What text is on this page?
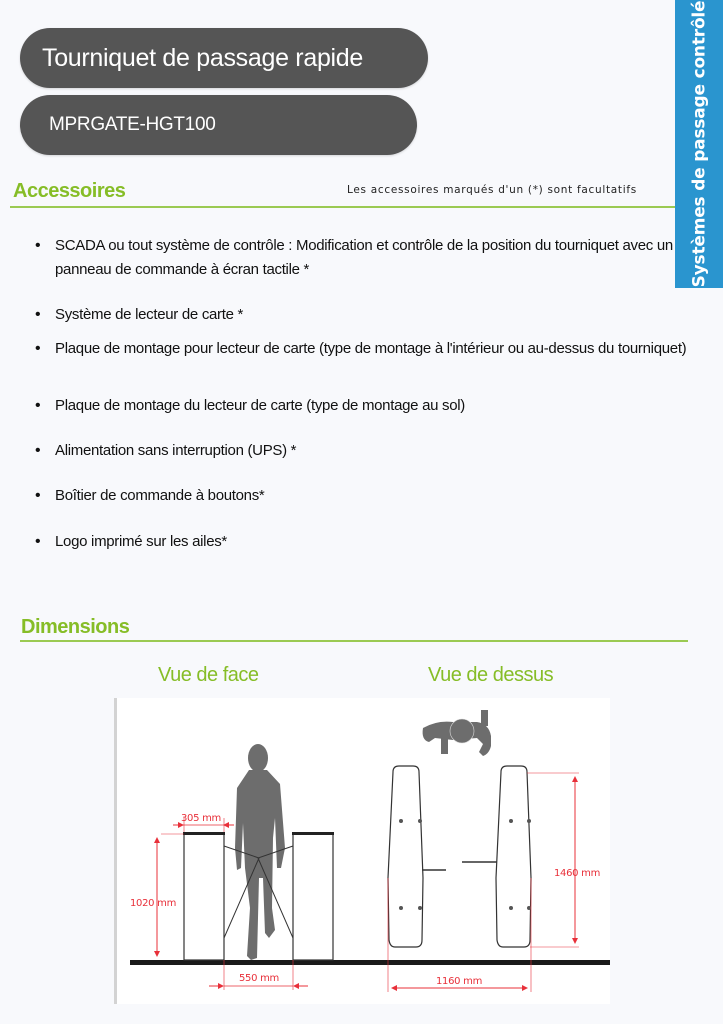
Tourniquet de passage rapide
MPRGATE-HGT100	Systèmes de passage contrôlé
Accessoires	Les accessoires marqués d'un (*) sont facultatifs
• SCADA ou tout système de contrôle : Modification et contrôle de la position du tourniquet avec un panneau de commande à écran tactile *
• Système de lecteur de carte *
• Plaque de montage pour lecteur de carte (type de montage à l'intérieur ou au-dessus du tourniquet)
• Plaque de montage du lecteur de carte (type de montage au sol)
• Alimentation sans interruption (UPS) *
• Boîtier de commande à boutons*
• Logo imprimé sur les ailes*
Dimensions
Vue de face	Vue de dessus
305 mm
1020 mm
550 mm
1460 mm
1160 mm
